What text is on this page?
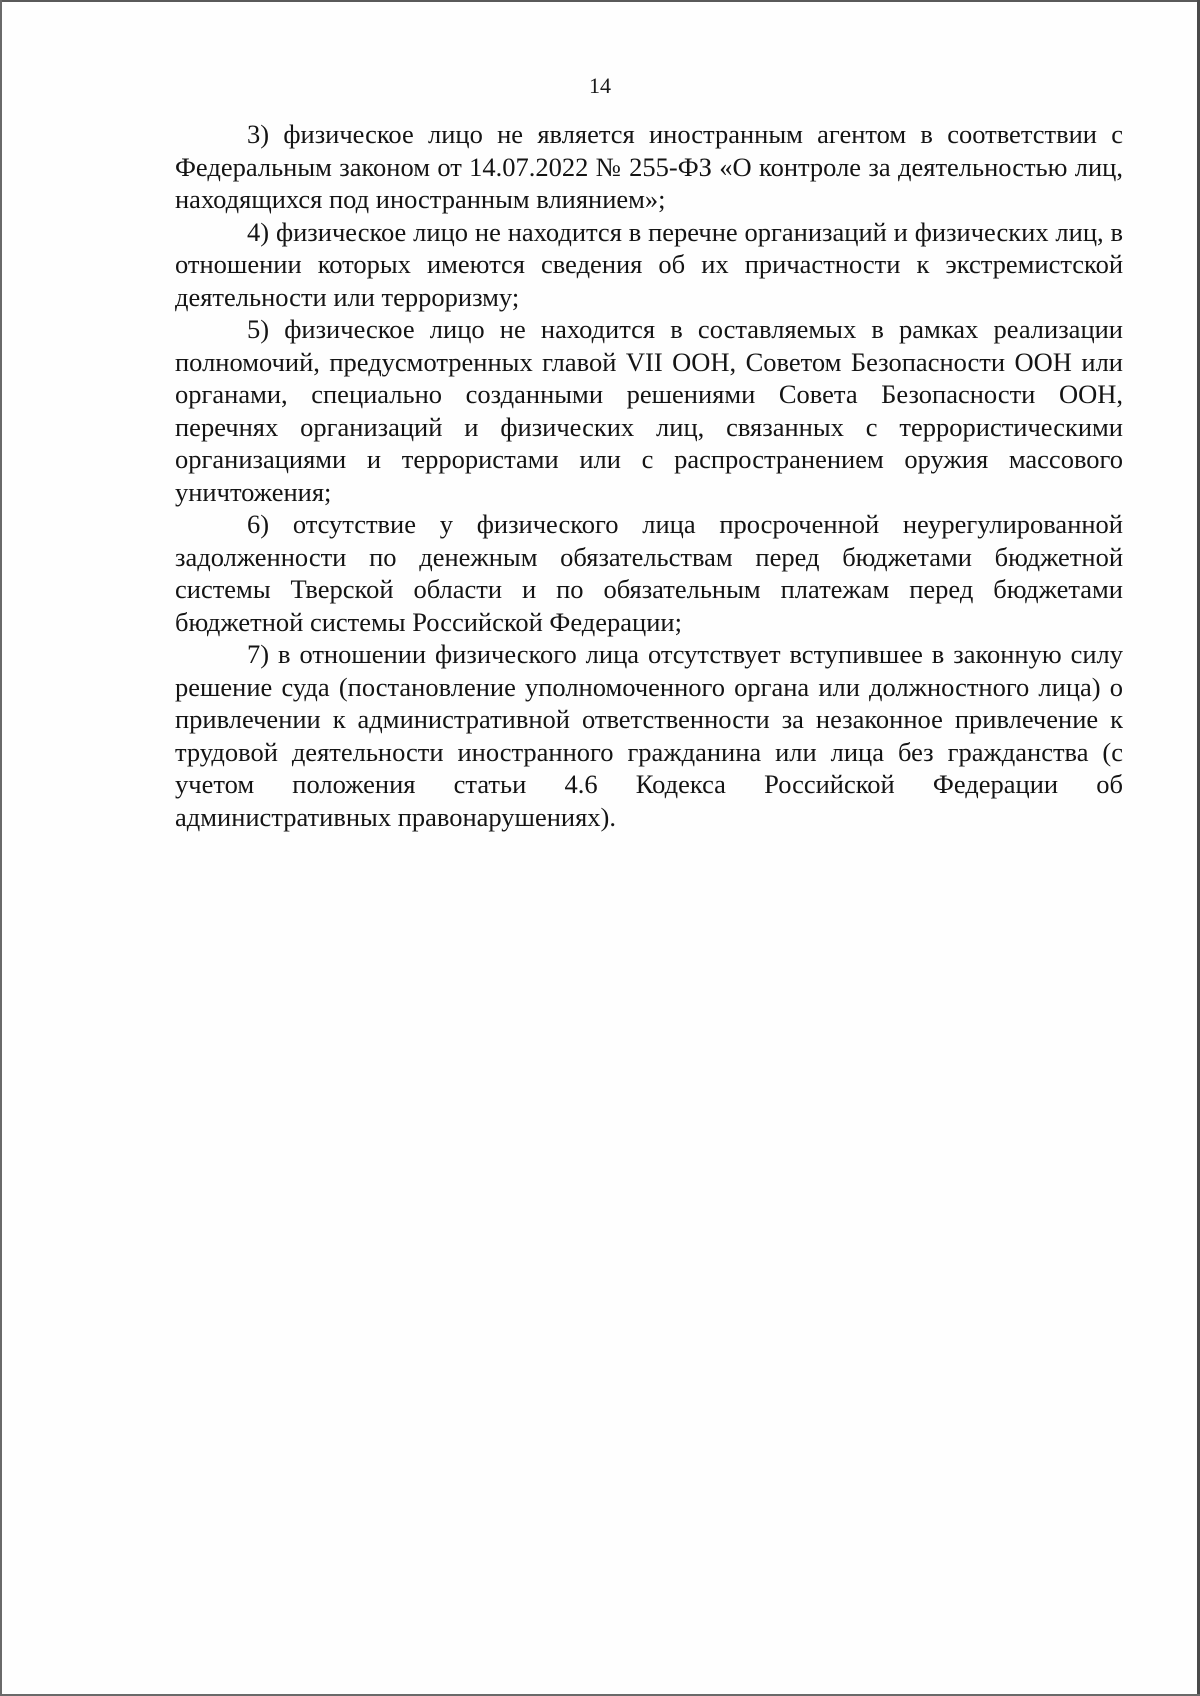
14

3) физическое лицо не является иностранным агентом в соответствии с Федеральным законом от 14.07.2022 № 255-ФЗ «О контроле за деятельностью лиц, находящихся под иностранным влиянием»;

4) физическое лицо не находится в перечне организаций и физических лиц, в отношении которых имеются сведения об их причастности к экстремистской деятельности или терроризму;

5) физическое лицо не находится в составляемых в рамках реализации полномочий, предусмотренных главой VII ООН, Советом Безопасности ООН или органами, специально созданными решениями Совета Безопасности ООН, перечнях организаций и физических лиц, связанных с террористическими организациями и террористами или с распространением оружия массового уничтожения;

6) отсутствие у физического лица просроченной неурегулированной задолженности по денежным обязательствам перед бюджетами бюджетной системы Тверской области и по обязательным платежам перед бюджетами бюджетной системы Российской Федерации;

7) в отношении физического лица отсутствует вступившее в законную силу решение суда (постановление уполномоченного органа или должностного лица) о привлечении к административной ответственности за незаконное привлечение к трудовой деятельности иностранного гражданина или лица без гражданства (с учетом положения статьи 4.6 Кодекса Российской Федерации об административных правонарушениях).
